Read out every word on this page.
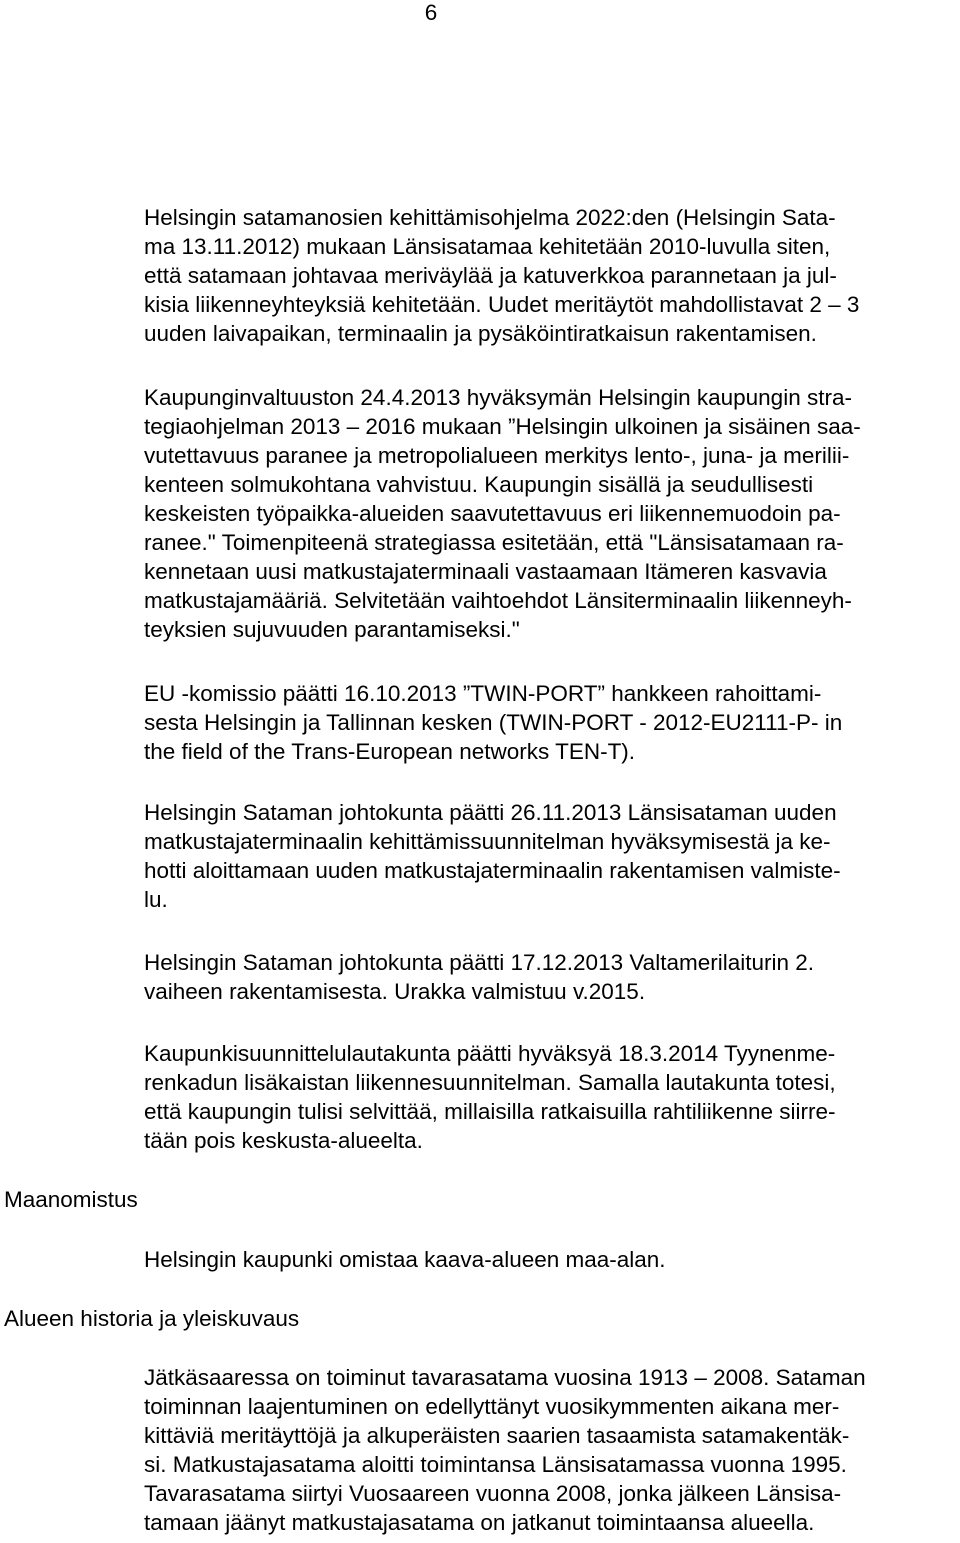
6
Helsingin satamanosien kehittämisohjelma 2022:den (Helsingin Sata-
ma 13.11.2012) mukaan Länsisatamaa kehitetään 2010-luvulla siten,
että satamaan johtavaa meriväylää ja katuverkkoa parannetaan ja jul-
kisia liikenneyhteyksiä kehitetään. Uudet meritäytöt mahdollistavat 2 – 3
uuden laivapaikan, terminaalin ja pysäköintiratkaisun rakentamisen.
Kaupunginvaltuuston 24.4.2013 hyväksymän Helsingin kaupungin stra-
tegiaohjelman 2013 – 2016 mukaan ”Helsingin ulkoinen ja sisäinen saa-
vutettavuus paranee ja metropolialueen merkitys lento-, juna- ja merilii-
kenteen solmukohtana vahvistuu. Kaupungin sisällä ja seudullisesti
keskeisten työpaikka-alueiden saavutettavuus eri liikennemuodoin pa-
ranee." Toimenpiteenä strategiassa esitetään, että "Länsisatamaan ra-
kennetaan uusi matkustajaterminaali vastaamaan Itämeren kasvavia
matkustajamääriä. Selvitetään vaihtoehdot Länsiterminaalin liikenneyh-
teyksien sujuvuuden parantamiseksi."
EU -komissio päätti 16.10.2013 ”TWIN-PORT” hankkeen rahoittami-
sesta Helsingin ja Tallinnan kesken (TWIN-PORT - 2012-EU2111-P- in
the field of the Trans-European networks TEN-T).
Helsingin Sataman johtokunta päätti 26.11.2013 Länsisataman uuden
matkustajaterminaalin kehittämissuunnitelman hyväksymisestä ja ke-
hotti aloittamaan uuden matkustajaterminaalin rakentamisen valmiste-
lu.
Helsingin Sataman johtokunta päätti 17.12.2013 Valtamerilaiturin 2.
vaiheen rakentamisesta. Urakka valmistuu v.2015.
Kaupunkisuunnittelulautakunta päätti hyväksyä 18.3.2014 Tyynenme-
renkadun lisäkaistan liikennesuunnitelman. Samalla lautakunta totesi,
että kaupungin tulisi selvittää, millaisilla ratkaisuilla rahtiliikenne siirre-
tään pois keskusta-alueelta.
Maanomistus
Helsingin kaupunki omistaa kaava-alueen maa-alan.
Alueen historia ja yleiskuvaus
Jätkäsaaressa on toiminut tavarasatama vuosina 1913 – 2008. Sataman
toiminnan laajentuminen on edellyttänyt vuosikymmenten aikana mer-
kittäviä meritäyttöjä ja alkuperäisten saarien tasaamista satamakentäk-
si. Matkustajasatama aloitti toimintansa Länsisatamassa vuonna 1995.
Tavarasatama siirtyi Vuosaareen vuonna 2008, jonka jälkeen Länsisa-
tamaan jäänyt matkustajasatama on jatkanut toimintaansa alueella.
